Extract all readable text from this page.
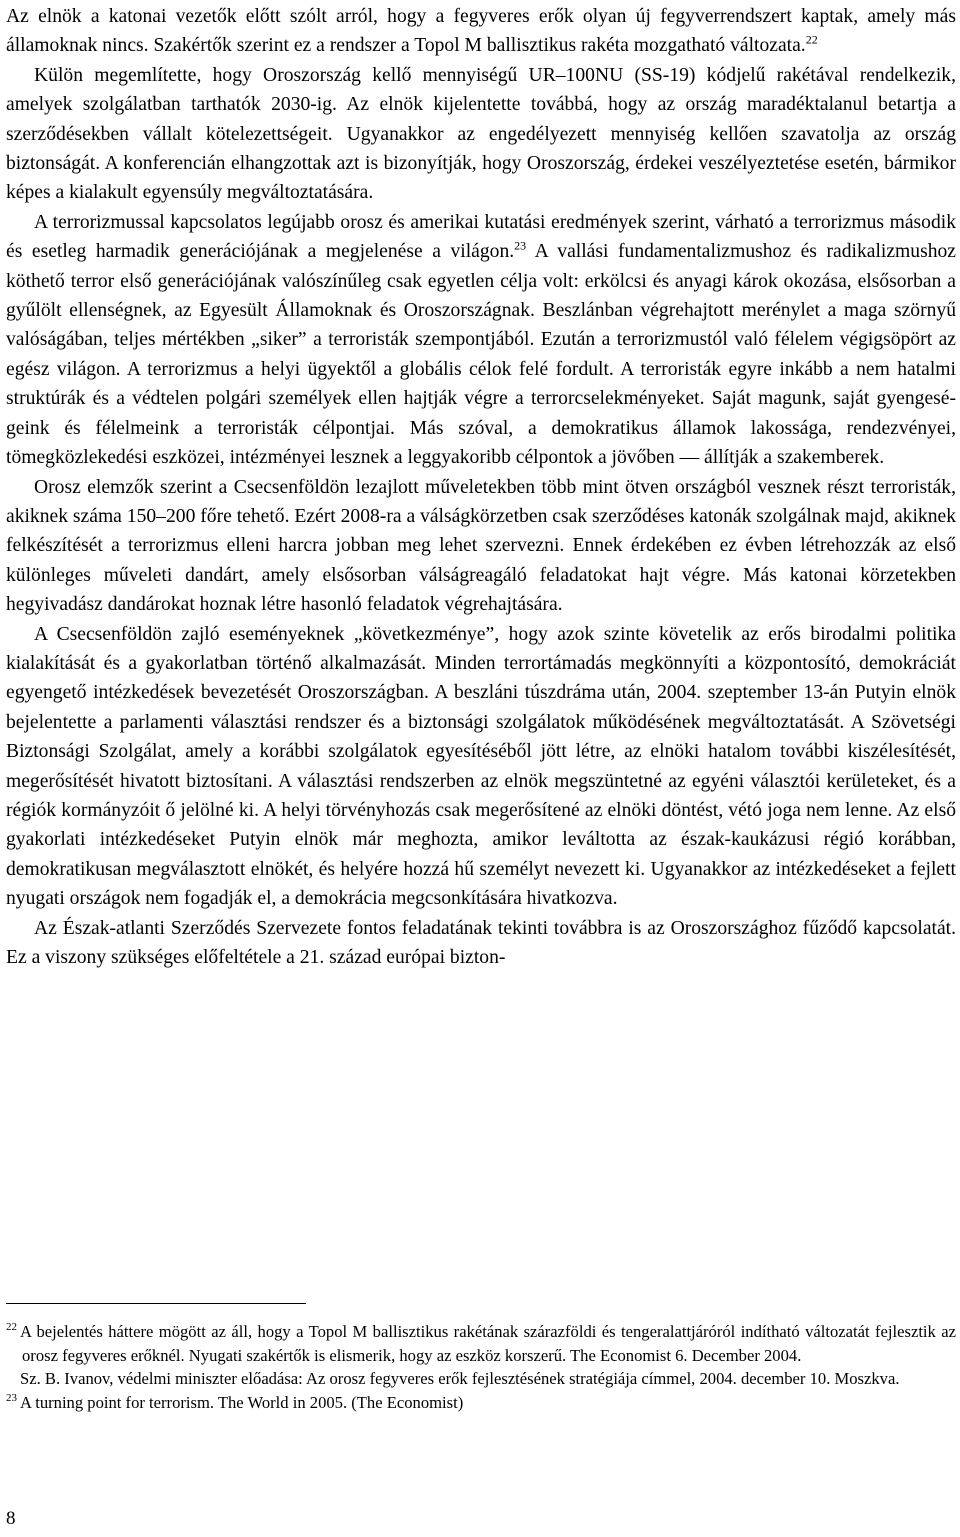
Az elnök a katonai vezetők előtt szólt arról, hogy a fegyveres erők olyan új fegyverrendszert kaptak, amely más államoknak nincs. Szakértők szerint ez a rendszer a Topol M ballisztikus rakéta mozgatható változata.$^{22}$

Külön megemlítette, hogy Oroszország kellő mennyiségű UR–100NU (SS-19) kódjelű rakétával rendelkezik, amelyek szolgálatban tarthatók 2030-ig. Az elnök kijelentette továbbá, hogy az ország maradéktalanul betartja a szerződésekben vállalt kötelezettségeit. Ugyanakkor az engedélyezett mennyiség kellően szavatolja az ország biztonságát. A konferencián elhangzottak azt is bizonyítják, hogy Oroszország, érdekei veszélyeztetése esetén, bármikor képes a kialakult egyensúly megváltoztatására.

A terrorizmussal kapcsolatos legújabb orosz és amerikai kutatási eredmények szerint, várható a terrorizmus második és esetleg harmadik generációjának a megjelenése a világon.$^{23}$ A vallási fundamentalizmushoz és radikalizmushoz köthető terror első generációjának valószínűleg csak egyetlen célja volt: erkölcsi és anyagi károk okozása, elsősorban a gyűlölt ellenségnek, az Egyesült Államoknak és Oroszországnak. Beszlánban végrehajtott merénylet a maga szörnyű valóságában, teljes mértékben „siker” a terroristák szempontjából. Ezután a terrorizmustól való félelem végigsöpört az egész világon. A terrorizmus a helyi ügyektől a globális célok felé fordult. A terroristák egyre inkább a nem hatalmi struktúrák és a védtelen polgári személyek ellen hajtják végre a terrorcselekményeket. Saját magunk, saját gyengeségeink és félelmeink a terroristák célpontjai. Más szóval, a demokratikus államok lakossága, rendezvényei, tömegközlekedési eszközei, intézményei lesznek a leggyakoribb célpontok a jövőben — állítják a szakemberek.

Orosz elemzők szerint a Csecsenföldön lezajlott műveletekben több mint ötven országból vesznek részt terroristák, akiknek száma 150–200 főre tehető. Ezért 2008-ra a válságkörzetben csak szerződéses katonák szolgálnak majd, akiknek felkészítését a terrorizmus elleni harcra jobban meg lehet szervezni. Ennek érdekében ez évben létrehozzák az első különleges műveleti dandárt, amely elsősorban válságreagáló feladatokat hajt végre. Más katonai körzetekben hegyivadász dandárokat hoznak létre hasonló feladatok végrehajtására.

A Csecsenföldön zajló eseményeknek „következménye”, hogy azok szinte követelik az erős birodalmi politika kialakítását és a gyakorlatban történő alkalmazását. Minden terrortámadás megkönnyíti a központosító, demokráciát egyengető intézkedések bevezetését Oroszországban. A beszláni túszdráma után, 2004. szeptember 13-án Putyin elnök bejelentette a parlamenti választási rendszer és a biztonsági szolgálatok működésének megváltoztatását. A Szövetségi Biztonsági Szolgálat, amely a korábbi szolgálatok egyesítéséből jött létre, az elnöki hatalom további kiszélesítését, megerősítését hivatott biztosítani. A választási rendszerben az elnök megszüntetné az egyéni választói kerületeket, és a régiók kormányzóit ő jelölné ki. A helyi törvényhozás csak megerősítené az elnöki döntést, vétó joga nem lenne. Az első gyakorlati intézkedéseket Putyin elnök már meghozta, amikor leváltotta az észak-kaukázusi régió korábban, demokratikusan megválasztott elnökét, és helyére hozzá hű személyt nevezett ki. Ugyanakkor az intézkedéseket a fejlett nyugati országok nem fogadják el, a demokrácia megcsonkítására hivatkozva.

Az Észak-atlanti Szerződés Szervezete fontos feladatának tekinti továbbra is az Oroszországhoz fűződő kapcsolatát. Ez a viszony szükséges előfeltétele a 21. század európai bizton-

22 A bejelentés háttere mögött az áll, hogy a Topol M ballisztikus rakétának szárazföldi és tengeralattjáróról indítható változatát fejlesztik az orosz fegyveres erőknél. Nyugati szakértők is elismerik, hogy az eszköz korszerű. The Economist 6. December 2004.

Sz. B. Ivanov, védelmi miniszter előadása: Az orosz fegyveres erők fejlesztésének stratégiája címmel, 2004. december 10. Moszkva.

23 A turning point for terrorism. The World in 2005. (The Economist)

8
